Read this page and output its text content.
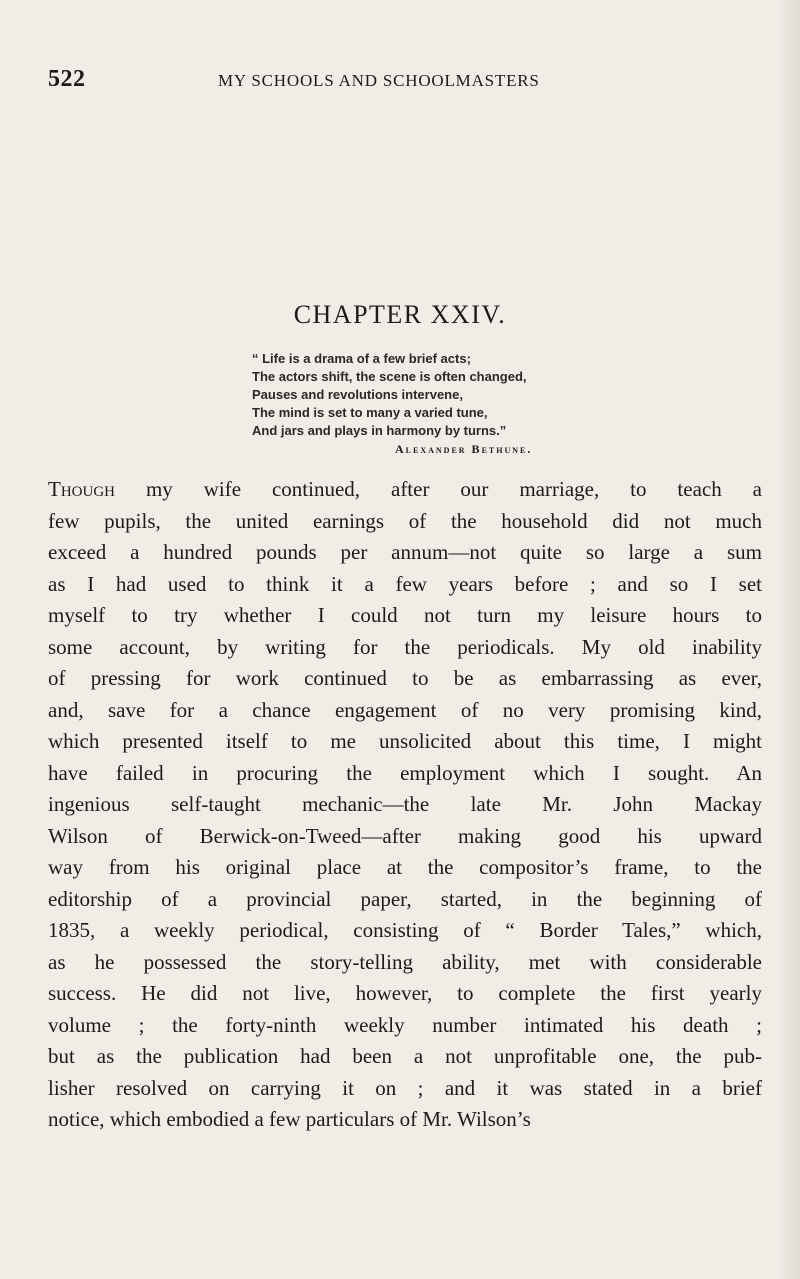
522	MY SCHOOLS AND SCHOOLMASTERS
CHAPTER XXIV.
“ Life is a drama of a few brief acts;
The actors shift, the scene is often changed,
Pauses and revolutions intervene,
The mind is set to many a varied tune,
And jars and plays in harmony by turns.”
Alexander Bethune.
Though my wife continued, after our marriage, to teach a
few pupils, the united earnings of the household did not much
exceed a hundred pounds per annum—not quite so large a sum
as I had used to think it a few years before ; and so I set
myself to try whether I could not turn my leisure hours to
some account, by writing for the periodicals. My old inability
of pressing for work continued to be as embarrassing as ever,
and, save for a chance engagement of no very promising kind,
which presented itself to me unsolicited about this time, I might
have failed in procuring the employment which I sought. An
ingenious self-taught mechanic—the late Mr. John Mackay
Wilson of Berwick-on-Tweed—after making good his upward
way from his original place at the compositor’s frame, to the
editorship of a provincial paper, started, in the beginning of
1835, a weekly periodical, consisting of “ Border Tales,” which,
as he possessed the story-telling ability, met with considerable
success. He did not live, however, to complete the first yearly
volume ; the forty-ninth weekly number intimated his death ;
but as the publication had been a not unprofitable one, the pub-
lisher resolved on carrying it on ; and it was stated in a brief
notice, which embodied a few particulars of Mr. Wilson’s
